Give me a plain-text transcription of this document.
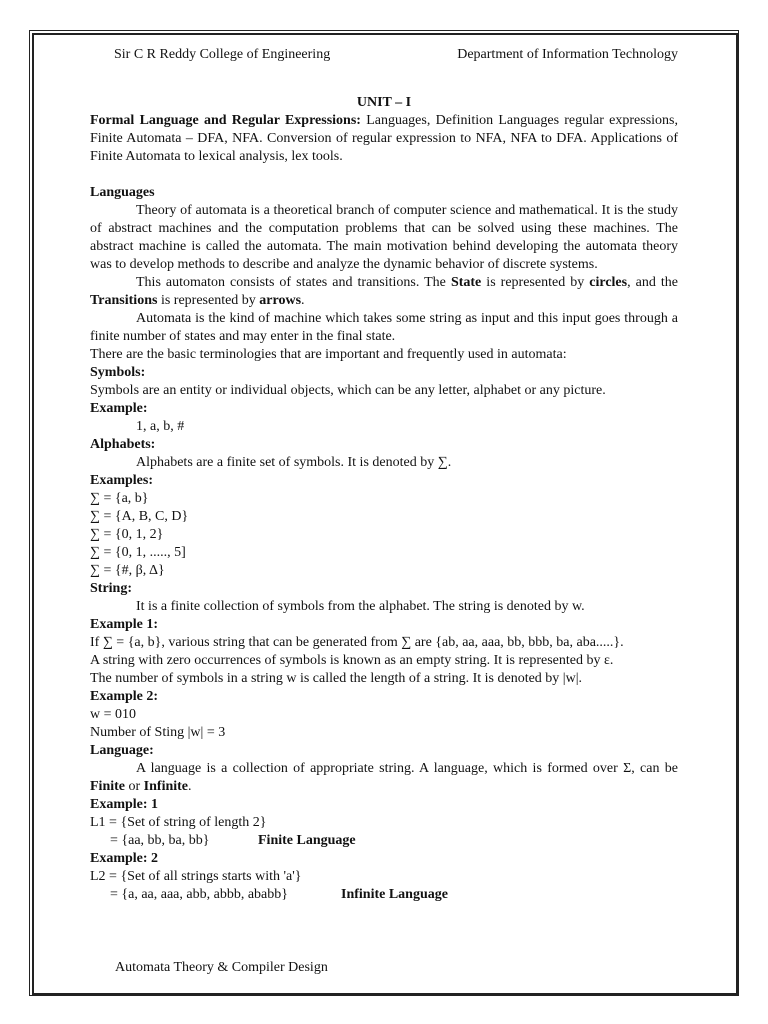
Sir C R Reddy College of Engineering	Department of Information Technology

UNIT – I

Formal Language and Regular Expressions: Languages, Definition Languages regular expressions, Finite Automata – DFA, NFA. Conversion of regular expression to NFA, NFA to DFA. Applications of Finite Automata to lexical analysis, lex tools.

Languages

Theory of automata is a theoretical branch of computer science and mathematical. It is the study of abstract machines and the computation problems that can be solved using these machines. The abstract machine is called the automata. The main motivation behind developing the automata theory was to develop methods to describe and analyze the dynamic behavior of discrete systems.

This automaton consists of states and transitions. The State is represented by circles, and the Transitions is represented by arrows.

Automata is the kind of machine which takes some string as input and this input goes through a finite number of states and may enter in the final state.

There are the basic terminologies that are important and frequently used in automata:

Symbols:

Symbols are an entity or individual objects, which can be any letter, alphabet or any picture.

Example:

1, a, b, #

Alphabets:

Alphabets are a finite set of symbols. It is denoted by ∑.

Examples:

∑ = {a, b}

∑ = {A, B, C, D}

∑ = {0, 1, 2}

∑ = {0, 1, ....., 5]

∑ = {#, β, Δ}

String:

It is a finite collection of symbols from the alphabet. The string is denoted by w.

Example 1:

If ∑ = {a, b}, various string that can be generated from ∑ are {ab, aa, aaa, bb, bbb, ba, aba.....}.

A string with zero occurrences of symbols is known as an empty string. It is represented by ε.

The number of symbols in a string w is called the length of a string. It is denoted by |w|.

Example 2:

w = 010

Number of Sting |w| = 3

Language:

A language is a collection of appropriate string. A language, which is formed over Σ, can be Finite or Infinite.

Example: 1

L1 = {Set of string of length 2}

= {aa, bb, ba, bb}	Finite Language

Example: 2

L2 = {Set of all strings starts with 'a'}

= {a, aa, aaa, abb, abbb, ababb}	Infinite Language
Automata Theory & Compiler Design
